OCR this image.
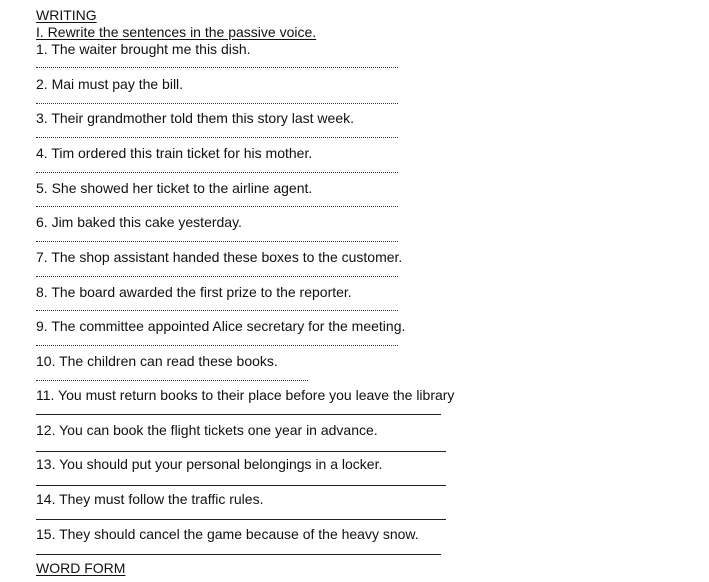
WRITING
I. Rewrite the sentences in the passive voice.
1. The waiter brought me this dish.
2. Mai must pay the bill.
3. Their grandmother told them this story last week.
4. Tim ordered this train ticket for his mother.
5. She showed her ticket to the airline agent.
6. Jim baked this cake yesterday.
7. The shop assistant handed these boxes to the customer.
8. The board awarded the first prize to the reporter.
9. The committee appointed Alice secretary for the meeting.
10. The children can read these books.
11. You must return books to their place before you leave the library
12. You can book the flight tickets one year in advance.
13. You should put your personal belongings in a locker.
14. They must follow the traffic rules.
15. They should cancel the game because of the heavy snow.
WORD FORM
